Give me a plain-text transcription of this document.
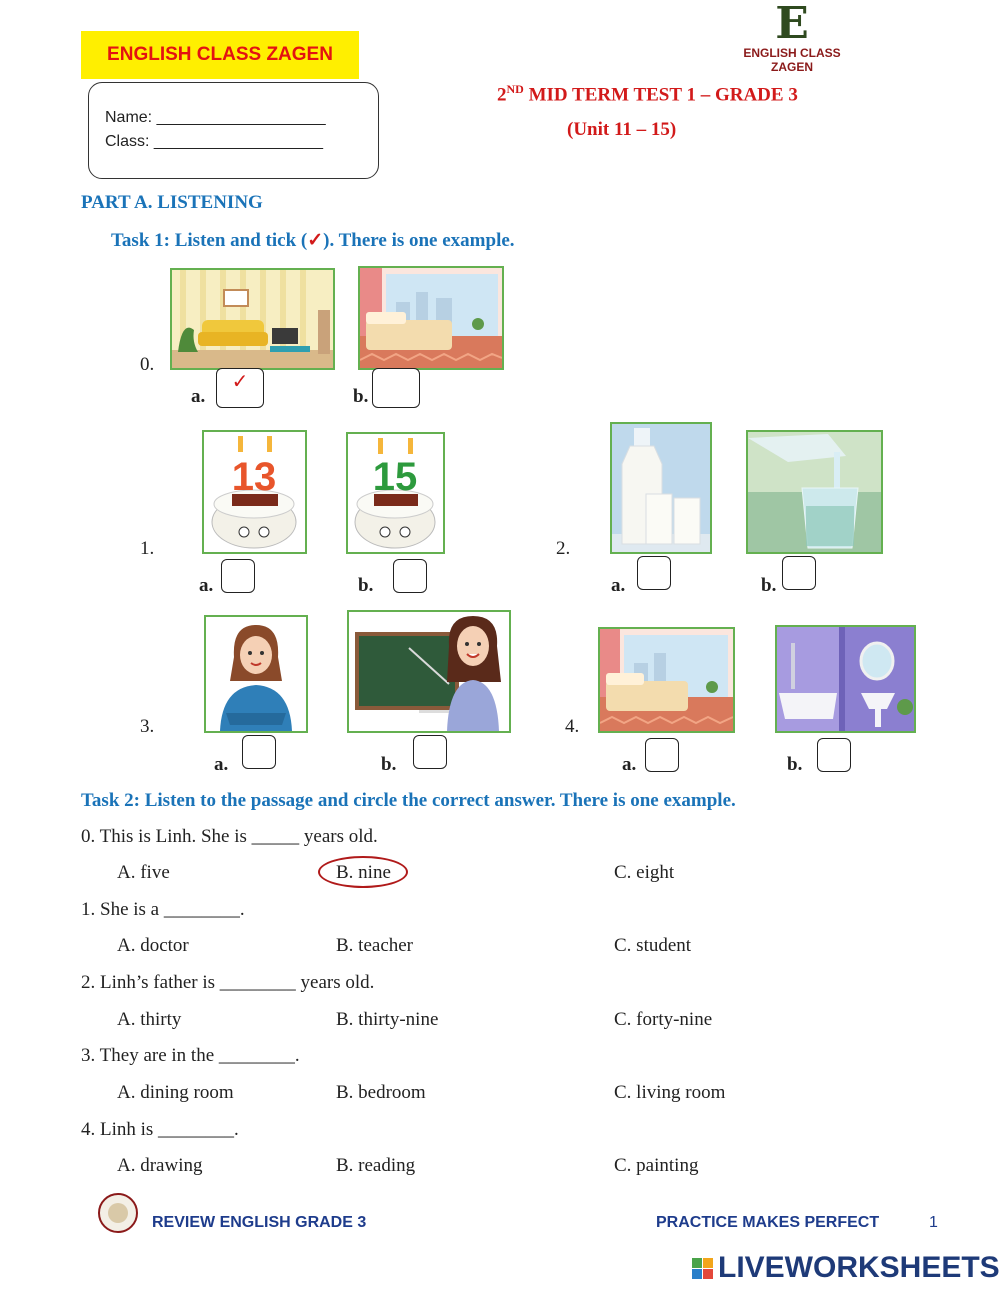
ENGLISH CLASS ZAGEN
E
ENGLISH CLASS ZAGEN
Name: ___________________
Class: ___________________
2ND MID TERM TEST 1 – GRADE 3
(Unit 11 – 15)
PART A. LISTENING
Task 1: Listen and tick (✓). There is one example.
0.
a.
✓
b.
1.
13 15
a.	b.
2.
a.	b.
3.
a.	b.
4.
a.	b.
Task 2: Listen to the passage and circle the correct answer. There is one example.
0. This is Linh. She is _____ years old.
A. five	B. nine	C. eight
1. She is a ________.
A. doctor	B. teacher	C. student
2. Linh’s father is ________ years old.
A. thirty	B. thirty-nine	C. forty-nine
3. They are in the ________.
A. dining room	B. bedroom	C. living room
4. Linh is ________.
A. drawing	B. reading	C. painting
REVIEW ENGLISH GRADE 3	PRACTICE MAKES PERFECT	1
LIVEWORKSHEETS
